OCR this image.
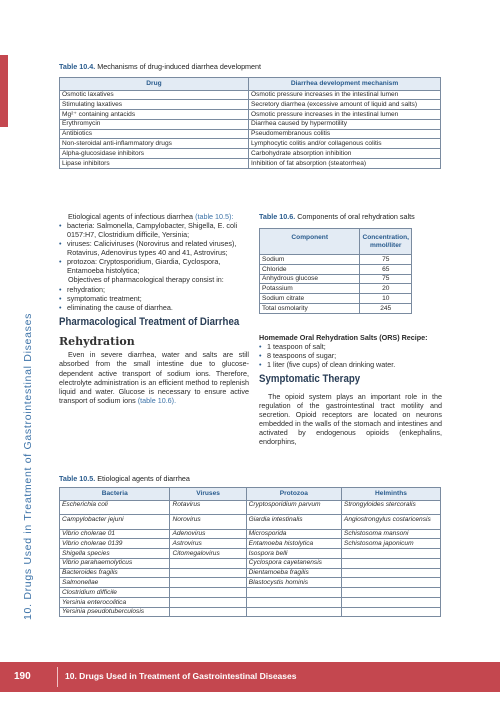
10. Drugs Used in Treatment of Gastrointestinal Diseases
Table 10.4. Mechanisms of drug-induced diarrhea development
Drug	Diarrhea development mechanism
Osmotic laxatives	Osmotic pressure increases in the intestinal lumen
Stimulating laxatives	Secretory diarrhea (excessive amount of liquid and salts)
Mg²⁺ containing antacids	Osmotic pressure increases in the intestinal lumen
Erythromycin	Diarrhea caused by hypermotility
Antibiotics	Pseudomembranous colitis
Non-steroidal anti-inflammatory drugs	Lymphocytic colitis and/or collagenous colitis
Alpha-glucosidase inhibitors	Carbohydrate absorption inhibition
Lipase inhibitors	Inhibition of fat absorption (steatorrhea)

Etiological agents of infectious diarrhea (table 10.5):

• bacteria: Salmonella, Campylobacter, Shigella, E. coli 0157:H7, Clostridium difficile, Yersinia;
• viruses: Caliciviruses (Norovirus and related viruses), Rotavirus, Adenovirus types 40 and 41, Astrovirus;
• protozoa: Cryptosporidium, Giardia, Cyclospora, Entamoeba histolytica;

Objectives of pharmacological therapy consist in:

• rehydration;
• symptomatic treatment;
• eliminating the cause of diarrhea.
Pharmacological Treatment of Diarrhea
Rehydration

Even in severe diarrhea, water and salts are still absorbed from the small intestine due to glucose-dependent active transport of sodium ions. Therefore, electrolyte administration is an efficient method to replenish liquid and water. Glucose is necessary to ensure active transport of sodium ions (table 10.6).

Table 10.6. Components of oral rehydration salts
Component	Concentration, mmol/liter
Sodium	75
Chloride	65
Anhydrous glucose	75
Potassium	20
Sodium citrate	10
Total osmolarity	245

Homemade Oral Rehydration Salts (ORS) Recipe:

• 1 teaspoon of salt;
• 8 teaspoons of sugar;
• 1 liter (five cups) of clean drinking water.
Symptomatic Therapy

The opioid system plays an important role in the regulation of the gastrointestinal tract motility and secretion. Opioid receptors are located on neurons embedded in the walls of the stomach and intestines and activated by endogenous opioids (enkephalins, endorphins,

Table 10.5. Etiological agents of diarrhea
Bacteria	Viruses	Protozoa	Helminths
Escherichia coli	Rotavirus	Cryptosporidium parvum	Strongyloides stercoralis
Campylobacter jejuni	Norovirus	Giardia intestinalis	Angiostrongylus costaricensis
Vibrio cholerae 01	Adenovirus	Microsporida	Schistosoma mansoni
Vibrio cholerae 0139	Astrovirus	Entamoeba histolytica	Schistosoma japonicum
Shigella species	Citomegalovirus	Isospora belli	
Vibrio parahaemolyticus		Cyclospora cayetanensis	
Bacteroides fragilis		Dientamoeba fragilis	
Salmonellae		Blastocystis hominis	
Clostridium difficile			
Yersinia enterocolitica			
Yersinia pseudotuberculosis			
190	10. Drugs Used in Treatment of Gastrointestinal Diseases
